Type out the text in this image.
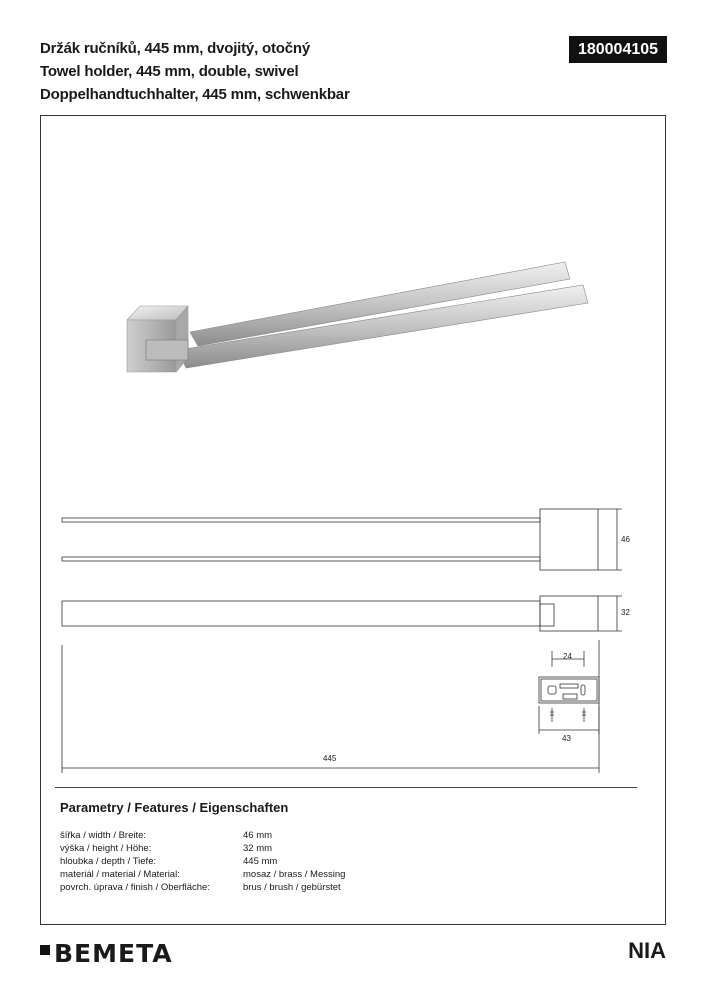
Držák ručníků, 445 mm, dvojitý, otočný
Towel holder, 445 mm, double, swivel
Doppelhandtuchhalter, 445 mm, schwenkbar
180004105
46
32
24
43
445
Parametry / Features / Eigenschaften
šířka / width / Breite:	46 mm
výška / height / Höhe:	32 mm
hloubka / depth / Tiefe:	445 mm
materiál / material / Material:	mosaz / brass / Messing
povrch. úprava / finish / Oberfläche:	brus / brush / gebürstet
BEMETA	NIA
